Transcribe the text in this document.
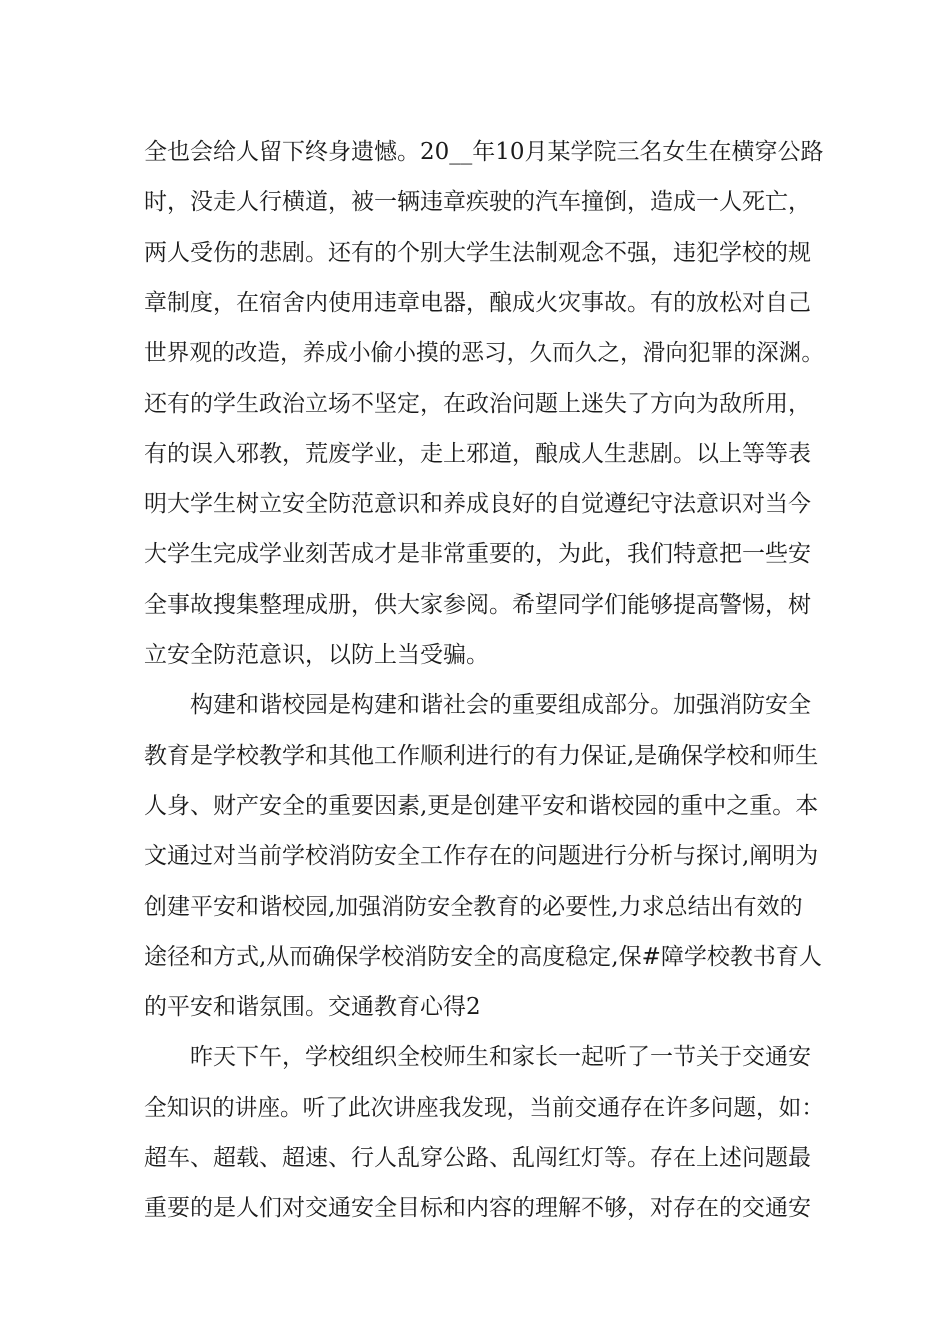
全也会给人留下终身遗憾。20__年10月某学院三名女生在横穿公路
时，没走人行横道，被一辆违章疾驶的汽车撞倒，造成一人死亡，
两人受伤的悲剧。还有的个别大学生法制观念不强，违犯学校的规
章制度，在宿舍内使用违章电器，酿成火灾事故。有的放松对自己
世界观的改造，养成小偷小摸的恶习，久而久之，滑向犯罪的深渊。
还有的学生政治立场不坚定，在政治问题上迷失了方向为敌所用，
有的误入邪教，荒废学业，走上邪道，酿成人生悲剧。以上等等表
明大学生树立安全防范意识和养成良好的自觉遵纪守法意识对当今
大学生完成学业刻苦成才是非常重要的，为此，我们特意把一些安
全事故搜集整理成册，供大家参阅。希望同学们能够提高警惕，树
立安全防范意识，以防上当受骗。
　　构建和谐校园是构建和谐社会的重要组成部分。加强消防安全
教育是学校教学和其他工作顺利进行的有力保证,是确保学校和师生
人身、财产安全的重要因素,更是创建平安和谐校园的重中之重。本
文通过对当前学校消防安全工作存在的问题进行分析与探讨,阐明为
创建平安和谐校园,加强消防安全教育的必要性,力求总结出有效的
途径和方式,从而确保学校消防安全的高度稳定,保#障学校教书育人
的平安和谐氛围。交通教育心得2
　　昨天下午，学校组织全校师生和家长一起听了一节关于交通安
全知识的讲座。听了此次讲座我发现，当前交通存在许多问题，如：
超车、超载、超速、行人乱穿公路、乱闯红灯等。存在上述问题最
重要的是人们对交通安全目标和内容的理解不够，对存在的交通安
